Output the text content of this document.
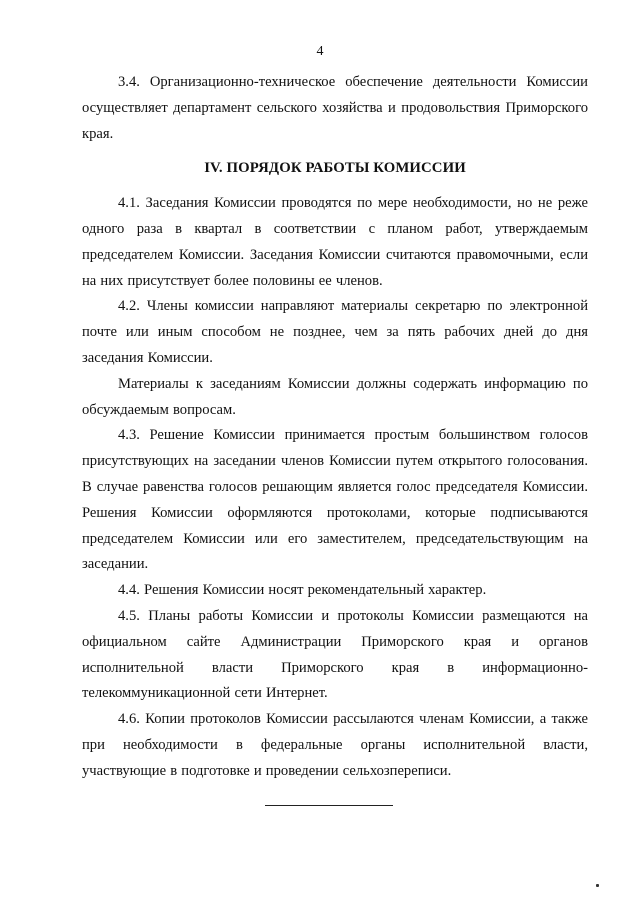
4

3.4. Организационно-техническое обеспечение деятельности Комиссии осуществляет департамент сельского хозяйства и продовольствия Приморского края.

IV. ПОРЯДОК РАБОТЫ КОМИССИИ

4.1. Заседания Комиссии проводятся по мере необходимости, но не реже одного раза в квартал в соответствии с планом работ, утверждаемым председателем Комиссии. Заседания Комиссии считаются правомочными, если на них присутствует более половины ее членов.

4.2. Члены комиссии направляют материалы секретарю по электронной почте или иным способом не позднее, чем за пять рабочих дней до дня заседания Комиссии.

Материалы к заседаниям Комиссии должны содержать информацию по обсуждаемым вопросам.

4.3. Решение Комиссии принимается простым большинством голосов присутствующих на заседании членов Комиссии путем открытого голосования. В случае равенства голосов решающим является голос председателя Комиссии. Решения Комиссии оформляются протоколами, которые подписываются председателем Комиссии или его заместителем, председательствующим на заседании.

4.4. Решения Комиссии носят рекомендательный характер.

4.5. Планы работы Комиссии и протоколы Комиссии размещаются на официальном сайте Администрации Приморского края и органов исполнительной власти Приморского края в информационно-телекоммуникационной сети Интернет.

4.6. Копии протоколов Комиссии рассылаются членам Комиссии, а также при необходимости в федеральные органы исполнительной власти, участвующие в подготовке и проведении сельхозпереписи.
